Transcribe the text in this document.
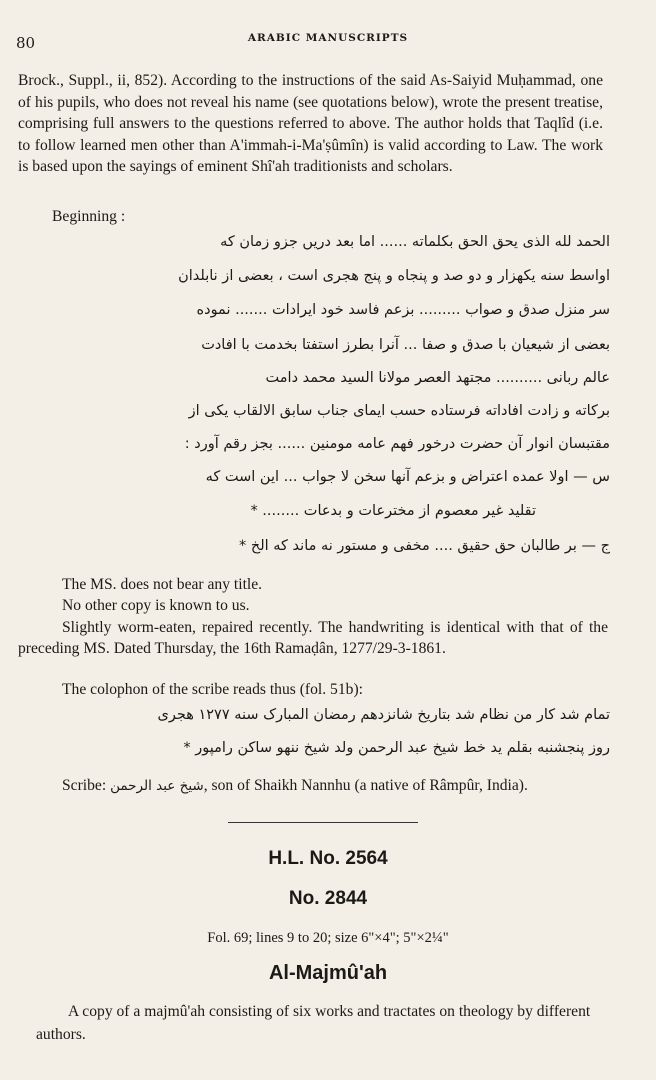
80	ARABIC MANUSCRIPTS

Brock., Suppl., ii, 852). According to the instructions of the said As-Saiyid Muḥammad, one of his pupils, who does not reveal his name (see quotations below), wrote the present treatise, comprising full answers to the questions referred to above. The author holds that Taqlîd (i.e. to follow learned men other than A'immah-i-Ma'ṣûmîn) is valid according to Law. The work is based upon the sayings of eminent Shî'ah traditionists and scholars.

Beginning :

الحمد لله الذی یحق الحق بکلماته ...... اما بعد دریں جزو زمان که

اواسط سنه یکهزار و دو صد و پنجاه و پنج هجری است ، بعضی از نابلدان

سر منزل صدق و صواب ......... بزعم فاسد خود ایرادات ....... نموده

بعضی از شیعیان با صدق و صفا ... آنرا بطرز استفتا بخدمت با افادت

عالم ربانی .......... مجتهد العصر مولانا السید محمد دامت

برکاته و زادت افاداته فرستاده حسب ایمای جناب سابق الالقاب یکی از

مقتبسان انوار آن حضرت درخور فهم عامه مومنین ...... بجز رقم آورد :

س — اولا عمده اعتراض و بزعم آنها سخن لا جواب ... این است که

تقلید غیر معصوم از مخترعات و بدعات ........ *

ج — بر طالبان حق حقیق .... مخفی و مستور نه ماند که الخ *

The MS. does not bear any title.

No other copy is known to us.

Slightly worm-eaten, repaired recently. The handwriting is identical with that of the preceding MS. Dated Thursday, the 16th Ramaḍân, 1277/29-3-1861.

The colophon of the scribe reads thus (fol. 51b):

تمام شد کار من نظام شد بتاریخ شانزدهم رمضان المبارک سنه ۱۲۷۷ هجری

روز پنجشنبه بقلم ید خط شیخ عبد الرحمن ولد شیخ ننهو ساکن رامپور *

Scribe: شیخ عبد الرحمن, son of Shaikh Nannhu (a native of Râmpûr, India).

H.L. No. 2564

No. 2844

Fol. 69; lines 9 to 20; size 6"×4"; 5"×2¼"

Al-Majmû'ah

A copy of a majmû'ah consisting of six works and tractates on theology by different authors.
